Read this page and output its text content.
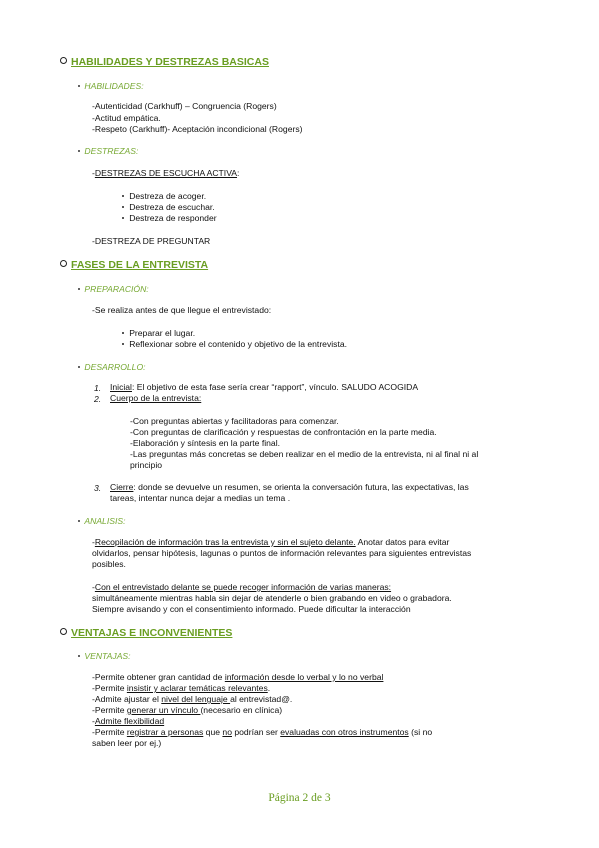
HABILIDADES Y DESTREZAS BASICAS
HABILIDADES:
-Autenticidad (Carkhuff) – Congruencia (Rogers)
-Actitud empática.
-Respeto (Carkhuff)- Aceptación incondicional (Rogers)
DESTREZAS:
-DESTREZAS DE ESCUCHA ACTIVA:
Destreza de acoger.
Destreza de escuchar.
Destreza de responder
-DESTREZA DE PREGUNTAR
FASES DE LA ENTREVISTA
PREPARACIÓN:
-Se realiza antes de que llegue el entrevistado:
Preparar el lugar.
Reflexionar sobre el contenido y objetivo de la entrevista.
DESARROLLO:
1. Inicial: El objetivo de esta fase sería crear “rapport”, vínculo. SALUDO ACOGIDA
2. Cuerpo de la entrevista:
-Con preguntas abiertas y facilitadoras para comenzar.
-Con preguntas de clarificación y respuestas de confrontación en la parte media.
-Elaboración y síntesis en la parte final.
-Las preguntas más concretas se deben realizar en el medio de la entrevista, ni al final ni al
principio
3. Cierre: donde se devuelve un resumen, se orienta la conversación futura, las expectativas, las
tareas, intentar nunca dejar a medias un tema .
ANALISIS:
-Recopilación de información tras la entrevista y sin el sujeto delante. Anotar datos para evitar
olvidarlos, pensar hipótesis, lagunas o puntos de información relevantes para siguientes entrevistas
posibles.
-Con el entrevistado delante se puede recoger información de varias maneras:
simultáneamente mientras habla sin dejar de atenderle o bien grabando en video o grabadora.
Siempre avisando y con el consentimiento informado. Puede dificultar la interacción
VENTAJAS E INCONVENIENTES
VENTAJAS:
-Permite obtener gran cantidad de información desde lo verbal y lo no verbal
-Permite insistir y aclarar temáticas relevantes.
-Admite ajustar el nivel del lenguaje al entrevistad@.
-Permite generar un vínculo (necesario en clínica)
-Admite flexibilidad
-Permite registrar a personas que no podrían ser evaluadas con otros instrumentos (si no
saben leer por ej.)
Página 2 de 3
